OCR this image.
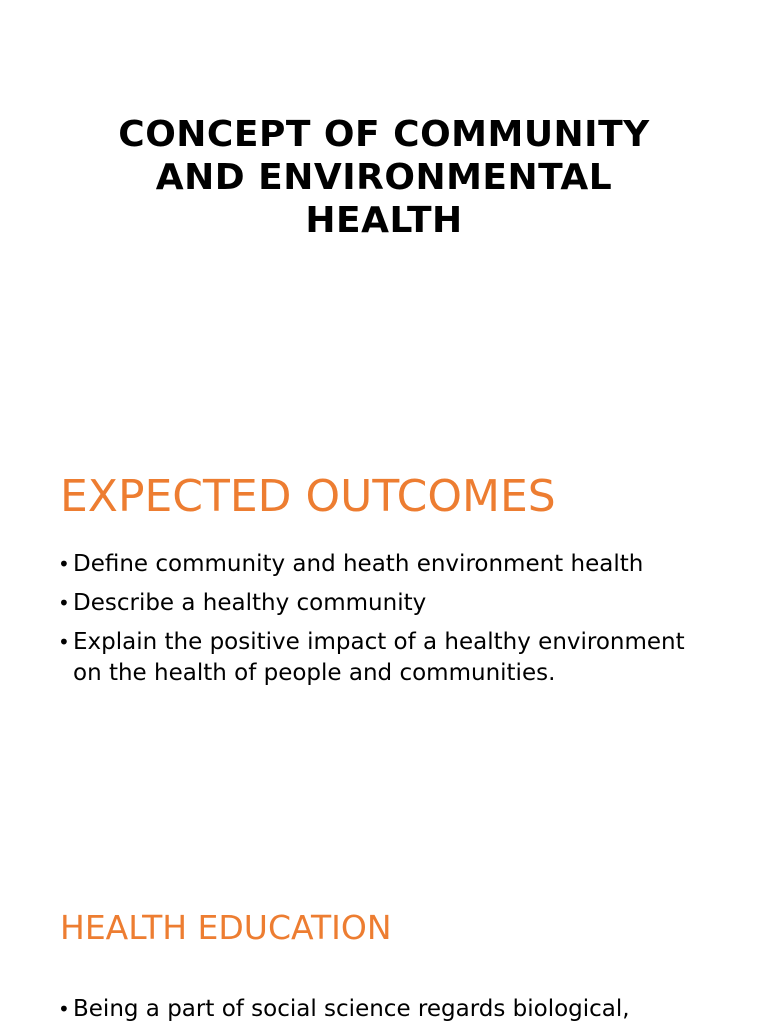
CONCEPT OF COMMUNITY AND ENVIRONMENTAL HEALTH
EXPECTED OUTCOMES
• Define community and heath environment health
• Describe a healthy community
• Explain the positive impact of a healthy environment on the health of people and communities.
HEALTH EDUCATION
• Being a part of social science regards biological,
